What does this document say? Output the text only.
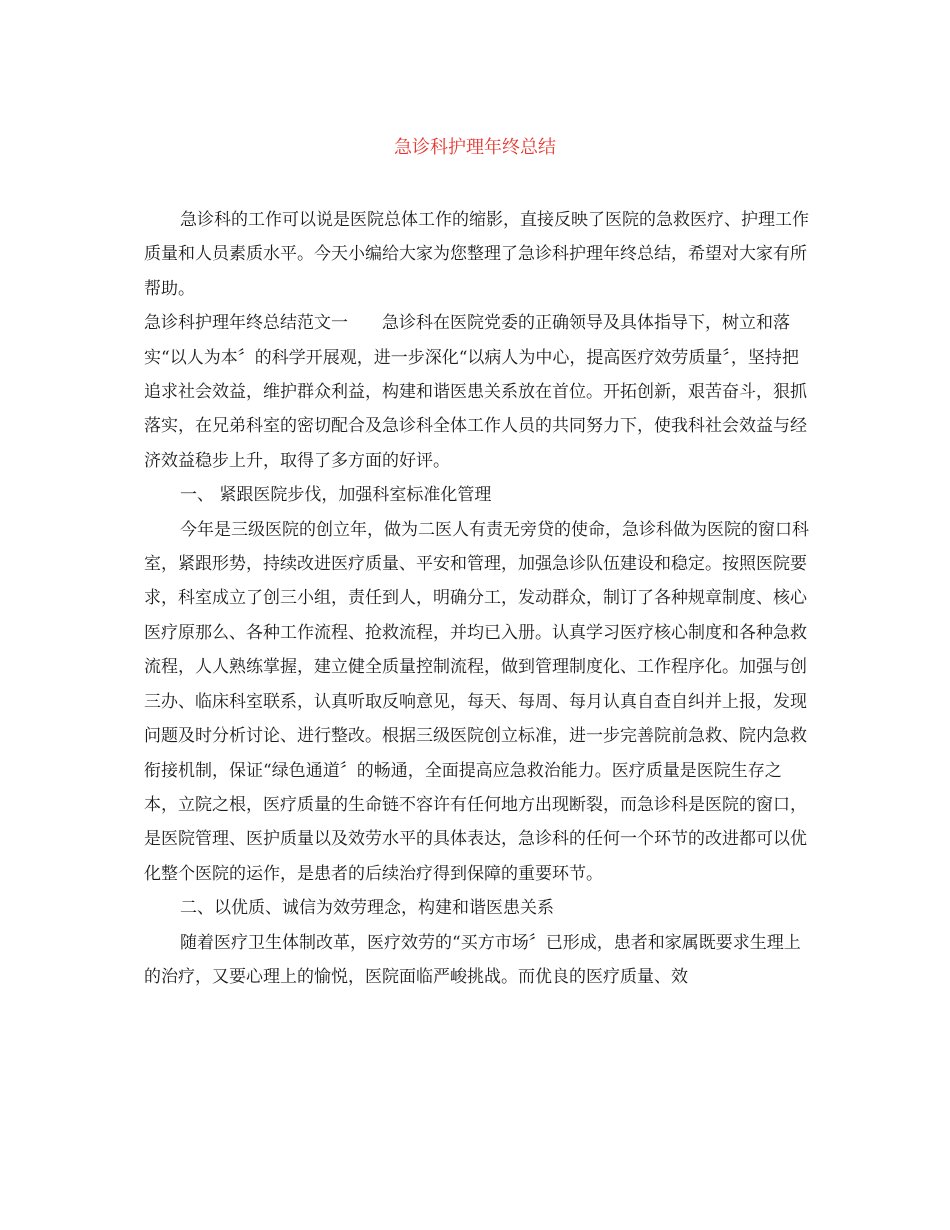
急诊科护理年终总结

急诊科的工作可以说是医院总体工作的缩影，直接反映了医院的急救医疗、护理工作质量和人员素质水平。今天小编给大家为您整理了急诊科护理年终总结，希望对大家有所帮助。

急诊科护理年终总结范文一 急诊科在医院党委的正确领导及具体指导下，树立和落实“以人为本〞的科学开展观，进一步深化“以病人为中心，提高医疗效劳质量〞，坚持把追求社会效益，维护群众利益，构建和谐医患关系放在首位。开拓创新，艰苦奋斗，狠抓落实，在兄弟科室的密切配合及急诊科全体工作人员的共同努力下，使我科社会效益与经济效益稳步上升，取得了多方面的好评。

一、 紧跟医院步伐，加强科室标准化管理

今年是三级医院的创立年，做为二医人有责无旁贷的使命，急诊科做为医院的窗口科室，紧跟形势，持续改进医疗质量、平安和管理，加强急诊队伍建设和稳定。按照医院要求，科室成立了创三小组，责任到人，明确分工，发动群众，制订了各种规章制度、核心医疗原那么、各种工作流程、抢救流程，并均已入册。认真学习医疗核心制度和各种急救流程，人人熟练掌握，建立健全质量控制流程，做到管理制度化、工作程序化。加强与创三办、临床科室联系，认真听取反响意见，每天、每周、每月认真自查自纠并上报，发现问题及时分析讨论、进行整改。根据三级医院创立标准，进一步完善院前急救、院内急救衔接机制，保证“绿色通道〞的畅通，全面提高应急救治能力。医疗质量是医院生存之本，立院之根，医疗质量的生命链不容许有任何地方出现断裂，而急诊科是医院的窗口，是医院管理、医护质量以及效劳水平的具体表达，急诊科的任何一个环节的改进都可以优化整个医院的运作，是患者的后续治疗得到保障的重要环节。

二、以优质、诚信为效劳理念，构建和谐医患关系

随着医疗卫生体制改革，医疗效劳的“买方市场〞已形成，患者和家属既要求生理上的治疗，又要心理上的愉悦，医院面临严峻挑战。而优良的医疗质量、效
